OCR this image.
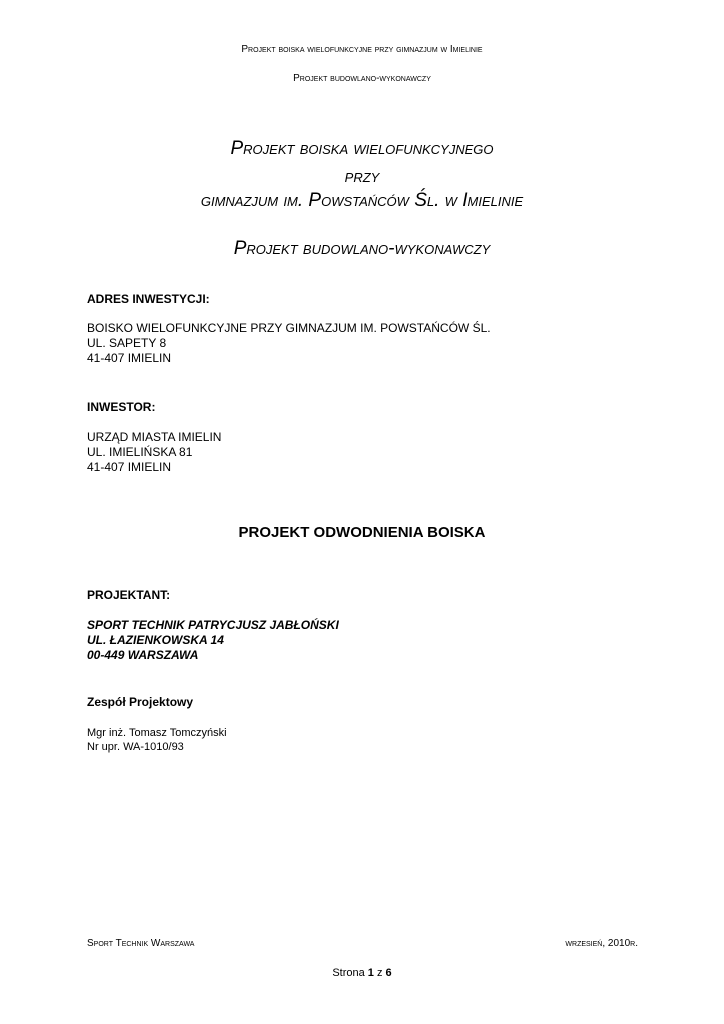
Projekt boiska wielofunkcyjne przy gimnazjum w Imielinie
Projekt budowlano-wykonawczy
Projekt boiska wielofunkcyjnego
przy
gimnazjum im. Powstańców Śl. w Imielinie
Projekt budowlano-wykonawczy
ADRES INWESTYCJI:
BOISKO WIELOFUNKCYJNE PRZY GIMNAZJUM IM. POWSTAŃCÓW ŚL.
UL. SAPETY 8
41-407 IMIELIN
INWESTOR:
URZĄD MIASTA IMIELIN
UL. IMIELIŃSKA 81
41-407 IMIELIN
PROJEKT ODWODNIENIA BOISKA
PROJEKTANT:
SPORT TECHNIK PATRYCJUSZ JABŁOŃSKI
UL. ŁAZIENKOWSKA 14
00-449 WARSZAWA
Zespół Projektowy
Mgr inż. Tomasz Tomczyński
Nr upr. WA-1010/93
Sport Technik Warszawa	wrzesień, 2010r.
Strona 1 z 6
